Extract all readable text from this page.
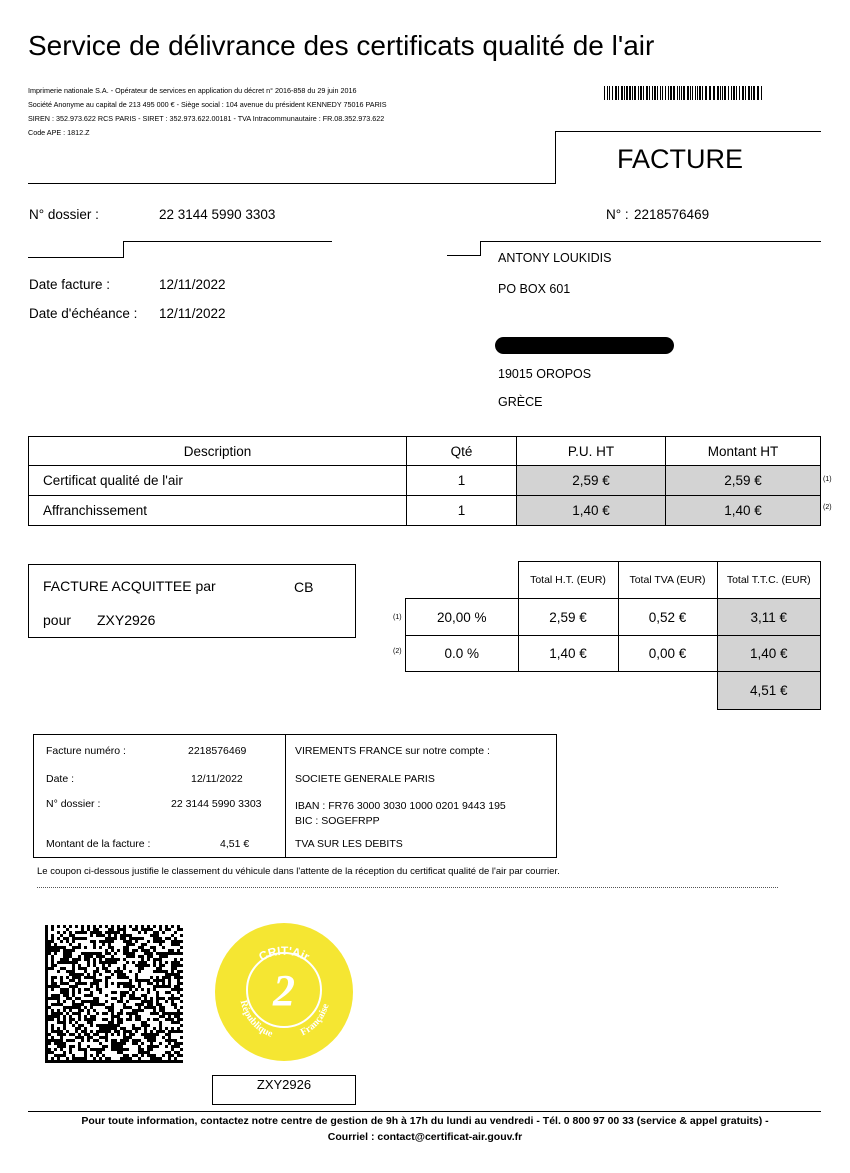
Service de délivrance des certificats qualité de l'air
Imprimerie nationale S.A. - Opérateur de services en application du décret n° 2016-858 du 29 juin 2016
Société Anonyme au capital de 213 495 000 € - Siège social : 104 avenue du président KENNEDY 75016 PARIS
SIREN : 352.973.622 RCS PARIS - SIRET : 352.973.622.00181 - TVA Intracommunautaire : FR.08.352.973.622
Code APE : 1812.Z
FACTURE
N° dossier :	22 3144 5990 3303	N° : 2218576469
Date facture :	12/11/2022
Date d'échéance : 12/11/2022
ANTONY LOUKIDIS
PO BOX 601
19015 OROPOS
GRÈCE
Description	Qté	P.U. HT	Montant HT
Certificat qualité de l'air	1	2,59 €	2,59 €
Affranchissement	1	1,40 €	1,40 €
(1)
(2)
FACTURE ACQUITTEE par	CB
pour ZXY2926
	Total H.T. (EUR)	Total TVA (EUR)	Total T.T.C. (EUR)
20,00 %	2,59 €	0,52 €	3,11 €
0.0 %	1,40 €	0,00 €	1,40 €
			4,51 €
(1)
(2)
Facture numéro :	2218576469
Date :	12/11/2022
N° dossier :	22 3144 5990 3303
Montant de la facture :	4,51 €
VIREMENTS FRANCE sur notre compte :
SOCIETE GENERALE PARIS
IBAN : FR76 3000 3030 1000 0201 9443 195
BIC : SOGEFRPP
TVA SUR LES DEBITS
Le coupon ci-dessous justifie le classement du véhicule dans l'attente de la réception du certificat qualité de l'air par courrier.
CRIT'Air
2
République Française
ZXY2926
Pour toute information, contactez notre centre de gestion de 9h à 17h du lundi au vendredi - Tél. 0 800 97 00 33 (service & appel gratuits) -
Courriel : contact@certificat-air.gouv.fr
